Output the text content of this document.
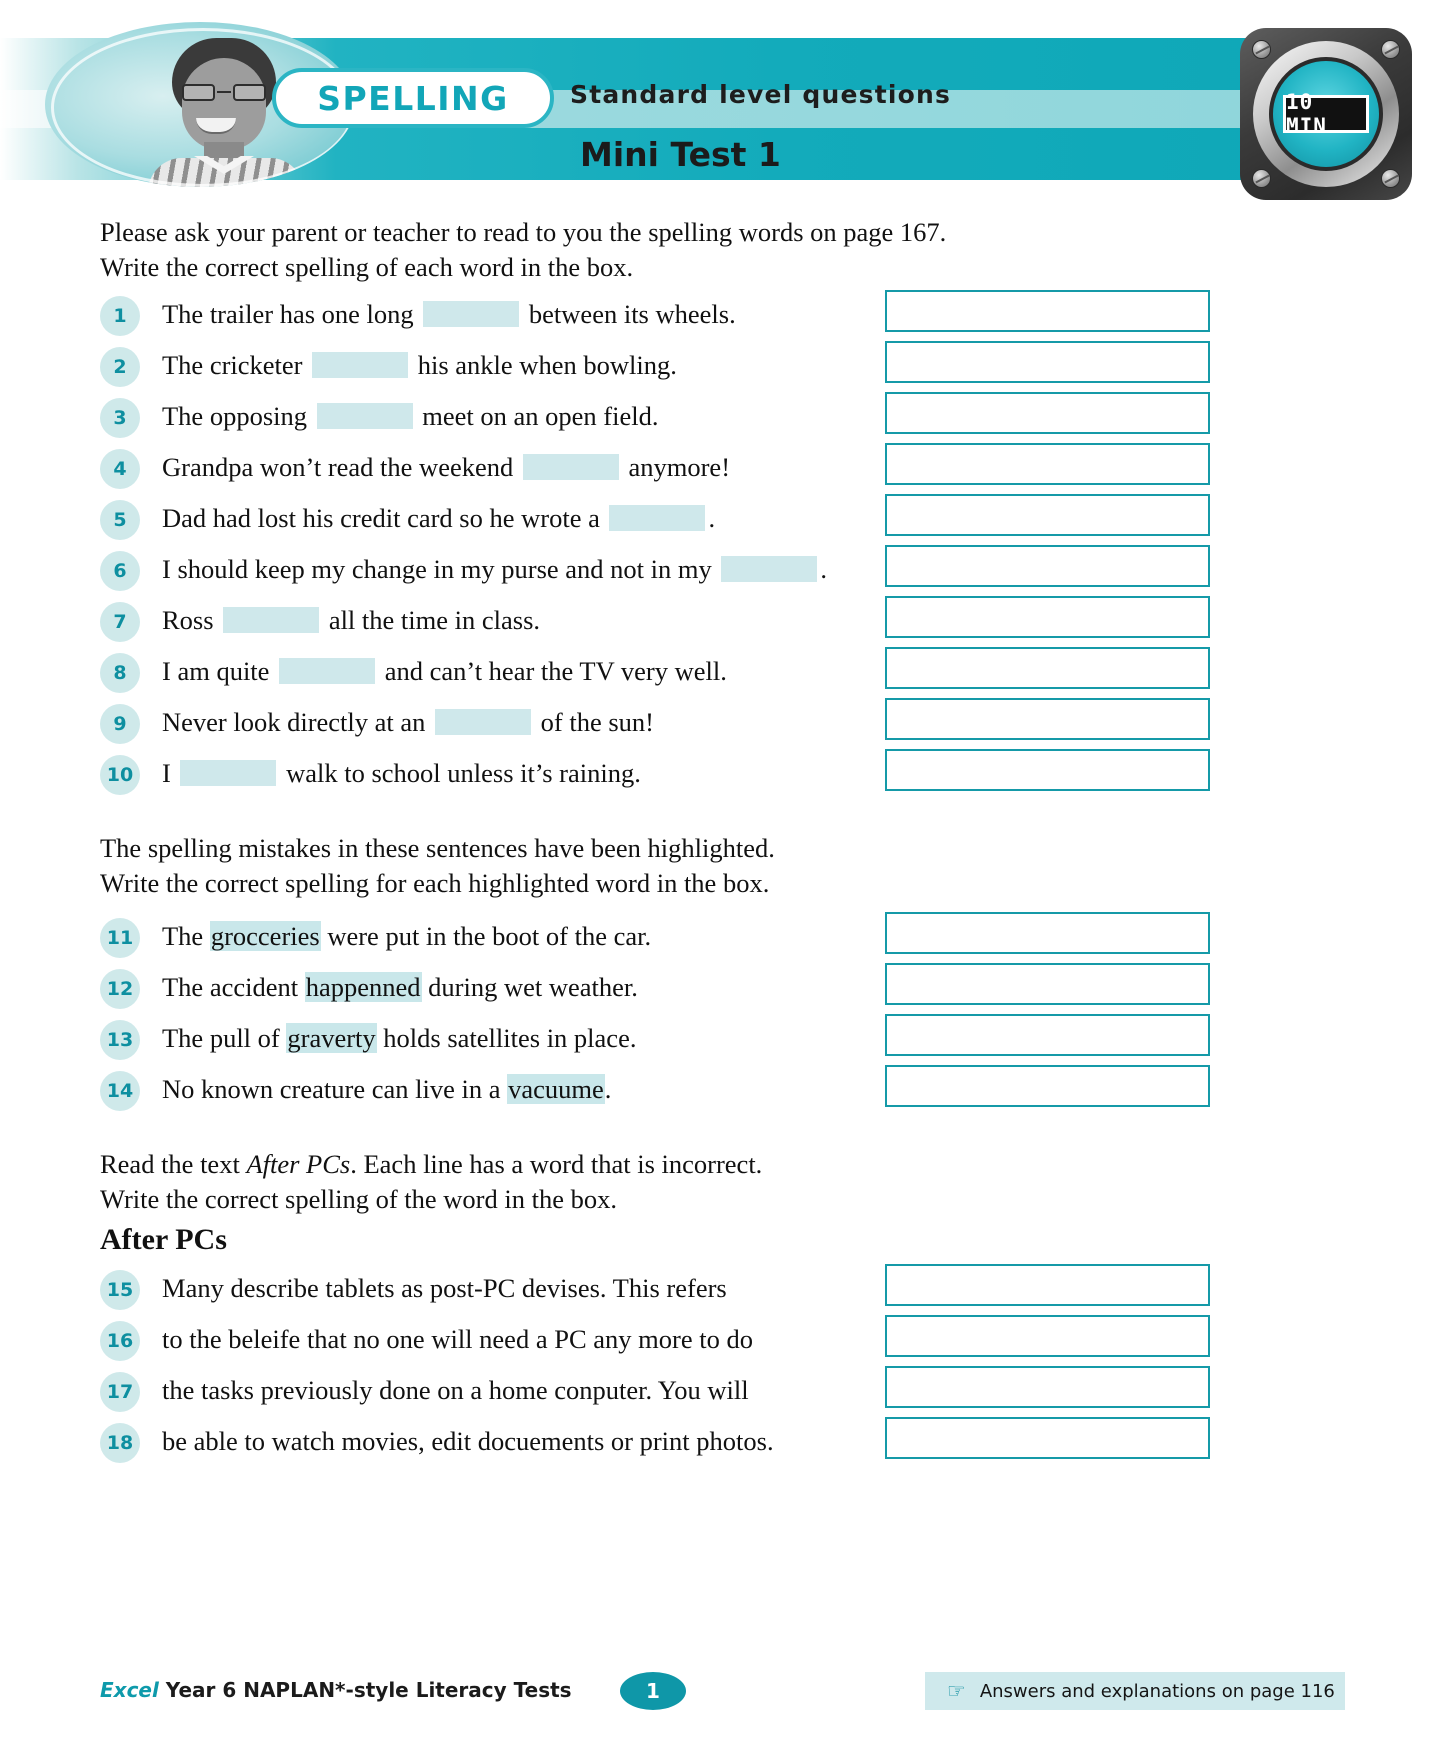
SPELLING Standard level questions
Mini Test 1
10 MIN
Please ask your parent or teacher to read to you the spelling words on page 167.
Write the correct spelling of each word in the box.
1	The trailer has one long	between its wheels.
2	The cricketer	his ankle when bowling.
3	The opposing	meet on an open field.
4	Grandpa won’t read the weekend	anymore!
5	Dad had lost his credit card so he wrote a	.
6	I should keep my change in my purse and not in my	.
7	Ross	all the time in class.
8	I am quite	and can’t hear the TV very well.
9	Never look directly at an	of the sun!
10 I	walk to school unless it’s raining.
The spelling mistakes in these sentences have been highlighted.
Write the correct spelling for each highlighted word in the box.
11 The grocceries were put in the boot of the car.
12 The accident happenned during wet weather.
13 The pull of graverty holds satellites in place.
14 No known creature can live in a vacuume.
Read the text After PCs. Each line has a word that is incorrect.
Write the correct spelling of the word in the box.
After PCs
15 Many describe tablets as post-PC devises. This refers
16 to the beleife that no one will need a PC any more to do
17 the tasks previously done on a home conputer. You will
18 be able to watch movies, edit docuements or print photos.
Excel Year 6 NAPLAN*-style Literacy Tests	1	☞ Answers and explanations on page 116
